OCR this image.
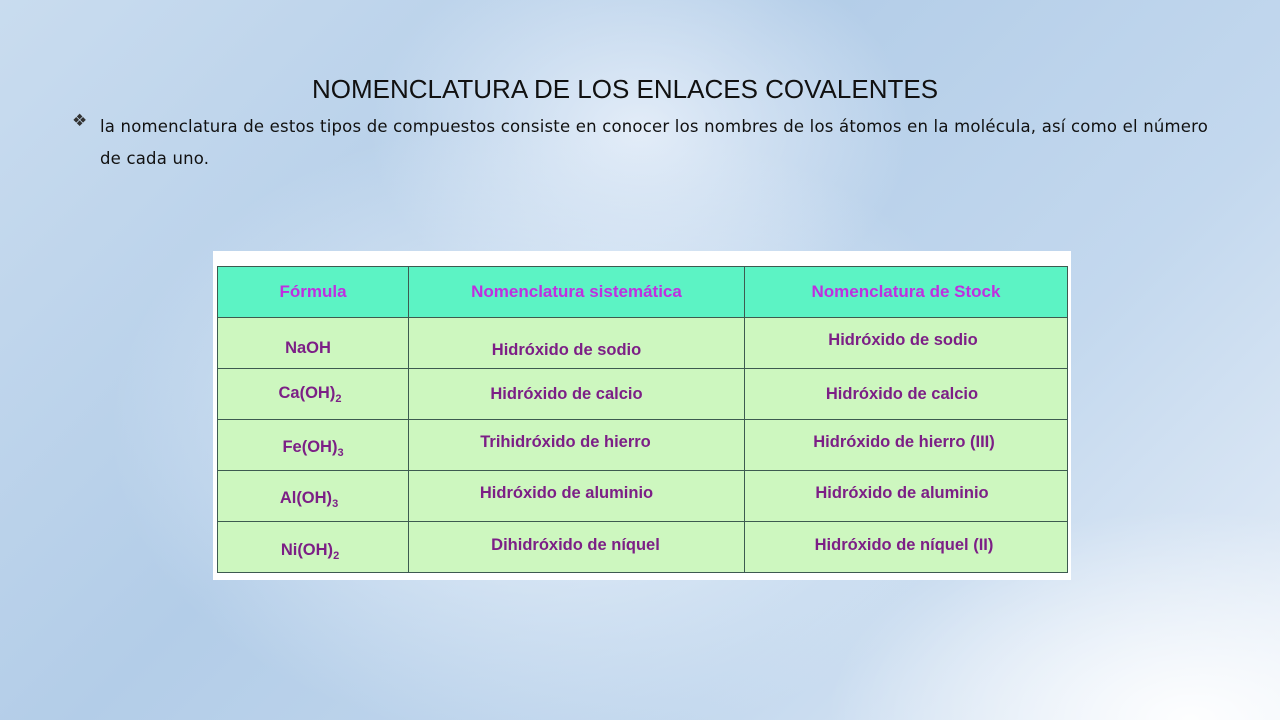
NOMENCLATURA DE LOS ENLACES COVALENTES
❖ la nomenclatura de estos tipos de compuestos consiste en conocer los nombres de los átomos en la molécula, así como el número de cada uno.
Fórmula	Nomenclatura sistemática	Nomenclatura de Stock
NaOH	Hidróxido de sodio	Hidróxido de sodio
$Ca(OH)_2$	Hidróxido de calcio	Hidróxido de calcio
$Fe(OH)_3$	Trihidróxido de hierro	Hidróxido de hierro (III)
$Al(OH)_3$	Hidróxido de aluminio	Hidróxido de aluminio
$Ni(OH)_2$	Dihidróxido de níquel	Hidróxido de níquel (II)
